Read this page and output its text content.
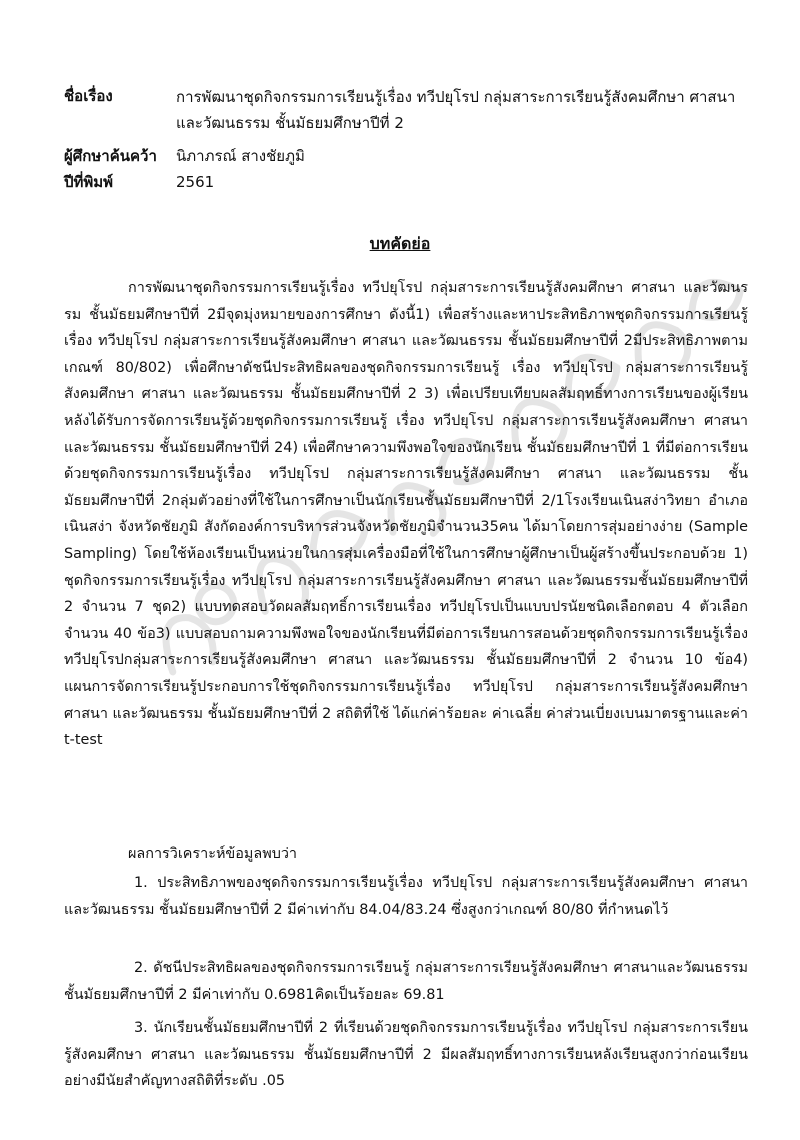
ชื่อเรื่อง	การพัฒนาชุดกิจกรรมการเรียนรู้เรื่อง ทวีปยุโรป กลุ่มสาระการเรียนรู้สังคมศึกษา ศาสนา และวัฒนธรรม ชั้นมัธยมศึกษาปีที่ 2
ผู้ศึกษาค้นคว้า นิภาภรณ์ สางชัยภูมิ
ปีที่พิมพ์	2561
บทคัดย่อ

การพัฒนาชุดกิจกรรมการเรียนรู้เรื่อง ทวีปยุโรป กลุ่มสาระการเรียนรู้สังคมศึกษา ศาสนา และวัฒนรรม ชั้นมัธยมศึกษาปีที่ 2มีจุดมุ่งหมายของการศึกษา ดังนี้1) เพื่อสร้างและหาประสิทธิภาพชุดกิจกรรมการเรียนรู้ เรื่อง ทวีปยุโรป กลุ่มสาระการเรียนรู้สังคมศึกษา ศาสนา และวัฒนธรรม ชั้นมัธยมศึกษาปีที่ 2มีประสิทธิภาพตามเกณฑ์ 80/802) เพื่อศึกษาดัชนีประสิทธิผลของชุดกิจกรรมการเรียนรู้ เรื่อง ทวีปยุโรป กลุ่มสาระการเรียนรู้สังคมศึกษา ศาสนา และวัฒนธรรม ชั้นมัธยมศึกษาปีที่ 2 3) เพื่อเปรียบเทียบผลสัมฤทธิ์ทางการเรียนของผู้เรียนหลังได้รับการจัดการเรียนรู้ด้วยชุดกิจกรรมการเรียนรู้ เรื่อง ทวีปยุโรป กลุ่มสาระการเรียนรู้สังคมศึกษา ศาสนา และวัฒนธรรม ชั้นมัธยมศึกษาปีที่ 24) เพื่อศึกษาความพึงพอใจของนักเรียน ชั้นมัธยมศึกษาปีที่ 1 ที่มีต่อการเรียนด้วยชุดกิจกรรมการเรียนรู้เรื่อง ทวีปยุโรป กลุ่มสาระการเรียนรู้สังคมศึกษา ศาสนา และวัฒนธรรม ชั้นมัธยมศึกษาปีที่ 2กลุ่มตัวอย่างที่ใช้ในการศึกษาเป็นนักเรียนชั้นมัธยมศึกษาปีที่ 2/1โรงเรียนเนินสง่าวิทยา อำเภอเนินสง่า จังหวัดชัยภูมิ สังกัดองค์การบริหารส่วนจังหวัดชัยภูมิจำนวน35คน ได้มาโดยการสุ่มอย่างง่าย (Sample Sampling) โดยใช้ห้องเรียนเป็นหน่วยในการสุ่มเครื่องมือที่ใช้ในการศึกษาผู้ศึกษาเป็นผู้สร้างขึ้นประกอบด้วย 1) ชุดกิจกรรมการเรียนรู้เรื่อง ทวีปยุโรป กลุ่มสาระการเรียนรู้สังคมศึกษา ศาสนา และวัฒนธรรมชั้นมัธยมศึกษาปีที่ 2 จำนวน 7 ชุด2) แบบทดสอบวัดผลสัมฤทธิ์การเรียนเรื่อง ทวีปยุโรปเป็นแบบปรนัยชนิดเลือกตอบ 4 ตัวเลือก จำนวน 40 ข้อ3) แบบสอบถามความพึงพอใจของนักเรียนที่มีต่อการเรียนการสอนด้วยชุดกิจกรรมการเรียนรู้เรื่อง ทวีปยุโรปกลุ่มสาระการเรียนรู้สังคมศึกษา ศาสนา และวัฒนธรรม ชั้นมัธยมศึกษาปีที่ 2 จำนวน 10 ข้อ4) แผนการจัดการเรียนรู้ประกอบการใช้ชุดกิจกรรมการเรียนรู้เรื่อง ทวีปยุโรป กลุ่มสาระการเรียนรู้สังคมศึกษา ศาสนา และวัฒนธรรม ชั้นมัธยมศึกษาปีที่ 2 สถิติที่ใช้ ได้แก่ค่าร้อยละ ค่าเฉลี่ย ค่าส่วนเบี่ยงเบนมาตรฐานและค่า t-test

ผลการวิเคราะห์ข้อมูลพบว่า

1. ประสิทธิภาพของชุดกิจกรรมการเรียนรู้เรื่อง ทวีปยุโรป กลุ่มสาระการเรียนรู้สังคมศึกษา ศาสนา และวัฒนธรรม ชั้นมัธยมศึกษาปีที่ 2 มีค่าเท่ากับ 84.04/83.24 ซึ่งสูงกว่าเกณฑ์ 80/80 ที่กำหนดไว้

2. ดัชนีประสิทธิผลของชุดกิจกรรมการเรียนรู้ กลุ่มสาระการเรียนรู้สังคมศึกษา ศาสนาและวัฒนธรรม ชั้นมัธยมศึกษาปีที่ 2 มีค่าเท่ากับ 0.6981คิดเป็นร้อยละ 69.81

3. นักเรียนชั้นมัธยมศึกษาปีที่ 2 ที่เรียนด้วยชุดกิจกรรมการเรียนรู้เรื่อง ทวีปยุโรป กลุ่มสาระการเรียนรู้สังคมศึกษา ศาสนา และวัฒนธรรม ชั้นมัธยมศึกษาปีที่ 2 มีผลสัมฤทธิ์ทางการเรียนหลังเรียนสูงกว่าก่อนเรียน อย่างมีนัยสำคัญทางสถิติที่ระดับ .05
